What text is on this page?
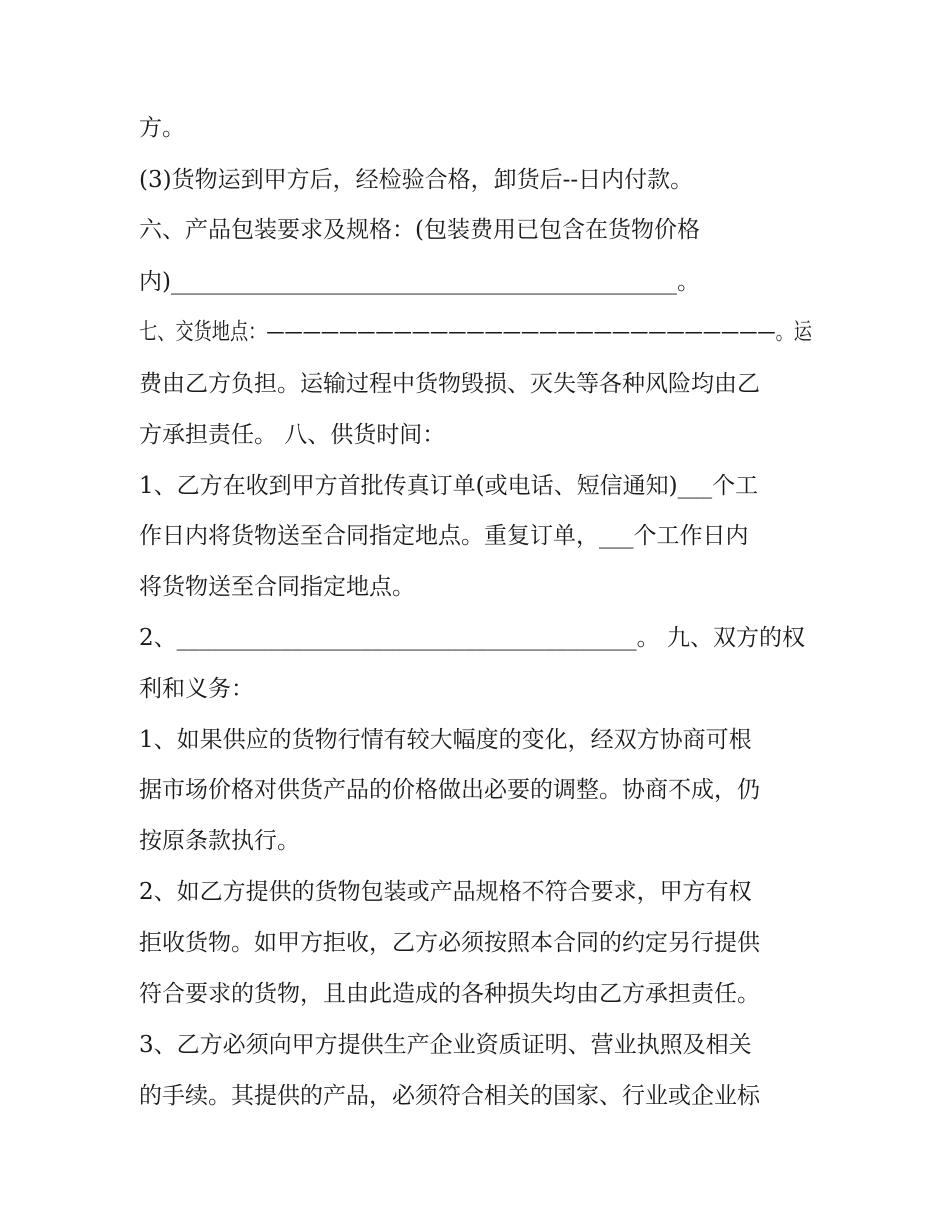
方。
(3)货物运到甲方后，经检验合格，卸货后--日内付款。
六、产品包装要求及规格：(包装费用已包含在货物价格
内)____________________________________________。
七、交货地点：————————————————————————————。运
费由乙方负担。运输过程中货物毁损、灭失等各种风险均由乙
方承担责任。 八、供货时间：
1、乙方在收到甲方首批传真订单(或电话、短信通知)___个工
作日内将货物送至合同指定地点。重复订单，___个工作日内
将货物送至合同指定地点。
2、________________________________________。 九、双方的权
利和义务：
1、如果供应的货物行情有较大幅度的变化，经双方协商可根
据市场价格对供货产品的价格做出必要的调整。协商不成，仍
按原条款执行。
2、如乙方提供的货物包装或产品规格不符合要求，甲方有权
拒收货物。如甲方拒收，乙方必须按照本合同的约定另行提供
符合要求的货物，且由此造成的各种损失均由乙方承担责任。
3、乙方必须向甲方提供生产企业资质证明、营业执照及相关
的手续。其提供的产品，必须符合相关的国家、行业或企业标
